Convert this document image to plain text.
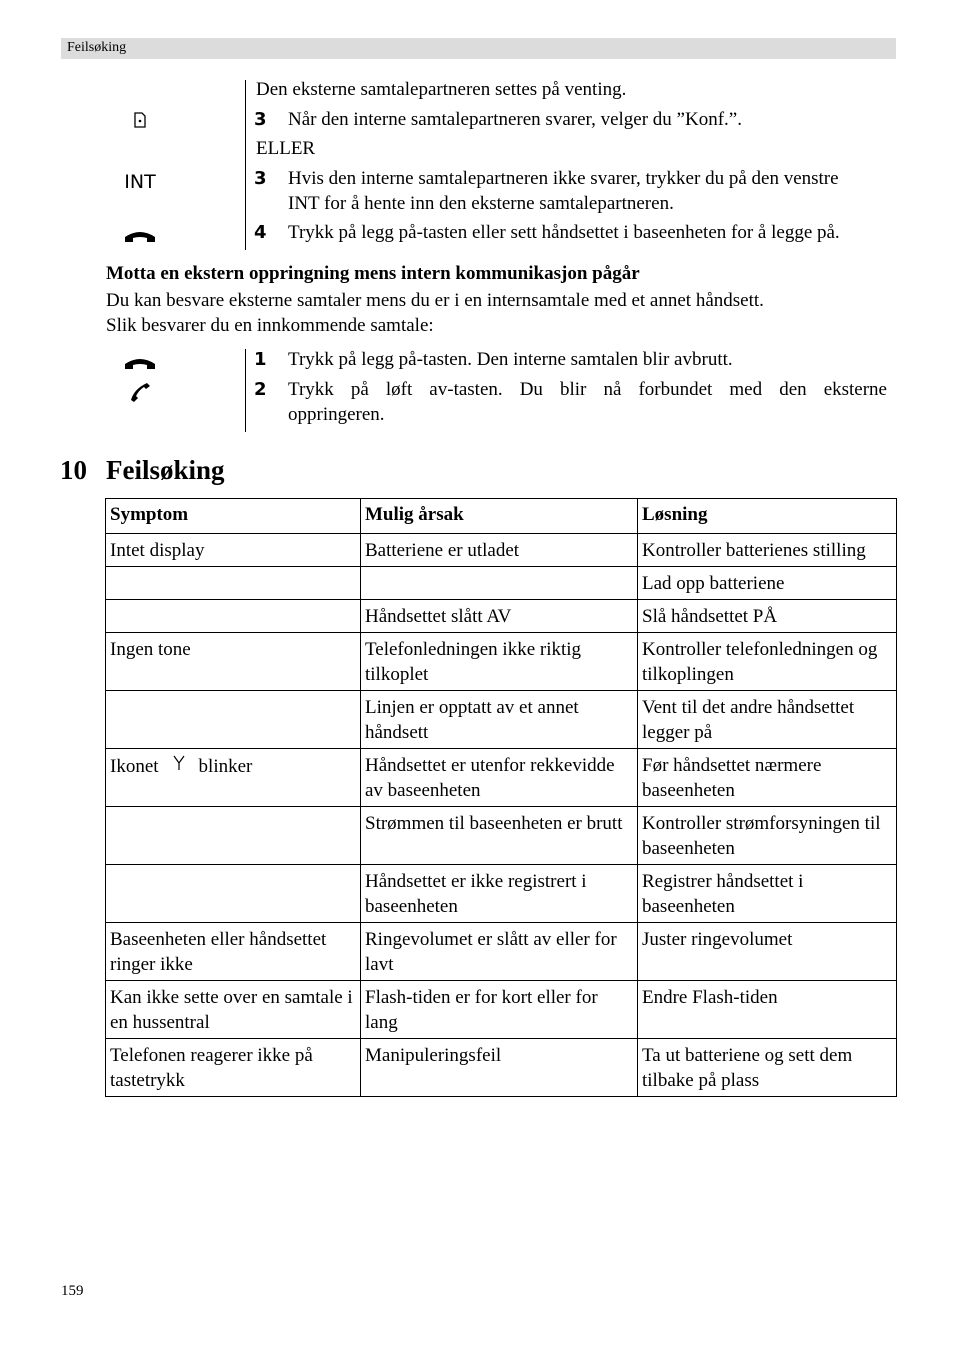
Feilsøking
INT
Den eksterne samtalepartneren settes på venting.
3 Når den interne samtalepartneren svarer, velger du ”Konf.”.
ELLER
3 Hvis den interne samtalepartneren ikke svarer, trykker du på den venstre
INT for å hente inn den eksterne samtalepartneren.
4 Trykk på legg på-tasten eller sett håndsettet i baseenheten for å legge på.
Motta en ekstern oppringning mens intern kommunikasjon pågår
Du kan besvare eksterne samtaler mens du er i en internsamtale med et annet håndsett.
Slik besvarer du en innkommende samtale:
1 Trykk på legg på-tasten. Den interne samtalen blir avbrutt.
2 Trykk på løft av-tasten. Du blir nå forbundet med den eksterne
oppringeren.
10 Feilsøking
Symptom	Mulig årsak	Løsning
Intet display	Batteriene er utladet	Kontroller batterienes stilling
		Lad opp batteriene
	Håndsettet slått AV	Slå håndsettet PÅ
Ingen tone	Telefonledningen ikke riktig tilkoplet	Kontroller telefonledningen og tilkoplingen
	Linjen er opptatt av et annet håndsett	Vent til det andre håndsettet legger på
Ikonet blinker	Håndsettet er utenfor rekkevidde av baseenheten	Før håndsettet nærmere baseenheten
	Strømmen til baseenheten er brutt	Kontroller strømforsyningen til baseenheten
	Håndsettet er ikke registrert i baseenheten	Registrer håndsettet i baseenheten
Baseenheten eller håndsettet ringer ikke	Ringevolumet er slått av eller for lavt	Juster ringevolumet
Kan ikke sette over en samtale i en hussentral	Flash-tiden er for kort eller for lang	Endre Flash-tiden
Telefonen reagerer ikke på tastetrykk	Manipuleringsfeil	Ta ut batteriene og sett dem tilbake på plass
159
